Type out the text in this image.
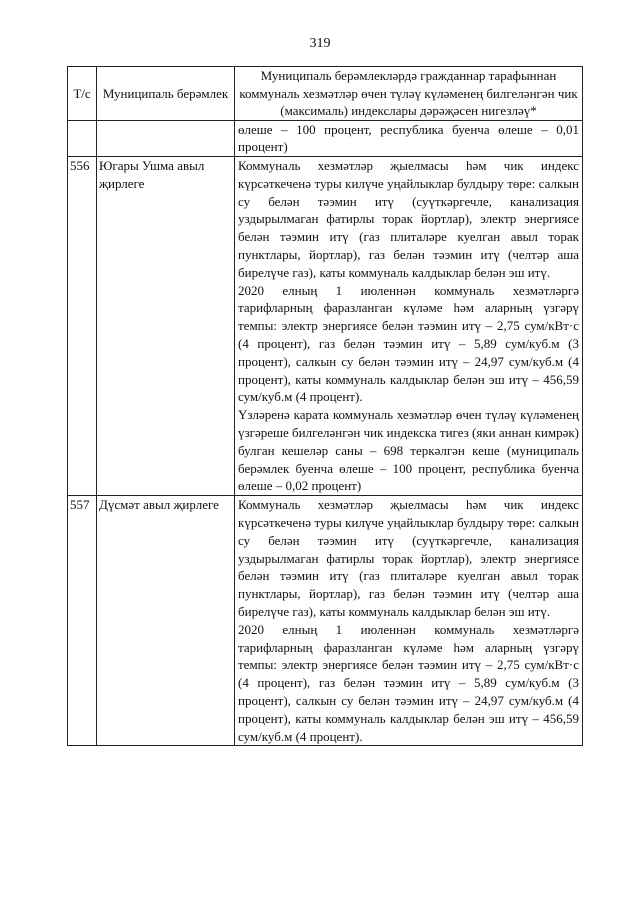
319
Т/с	Муниципаль берәмлек	Муниципаль берәмлекләрдә гражданнар тарафыннан коммуналь хезмәтләр өчен түләү күләменең билгеләнгән чик (максималь) индекслары дәрәҗәсен нигезләү*

		өлеше – 100 процент, республика буенча өлеше – 0,01 процент)

556	Югары Ушма авыл җирлеге	Коммуналь хезмәтләр җыелмасы һәм чик индекс күрсәткеченә туры килүче уңайлыклар булдыру төре: салкын су белән тәэмин итү (суүткәргечле, канализация уздырылмаган фатирлы торак йортлар), электр энергиясе белән тәэмин итү (газ плиталәре куелган авыл торак пунктлары, йортлар), газ белән тәэмин итү (челтәр аша бирелүче газ), каты коммуналь калдыклар белән эш итү.

2020 елның 1 июленнән коммуналь хезмәтләргә тарифларның фаразланган күләме һәм аларның үзгәрү темпы: электр энергиясе белән тәэмин итү – 2,75 сум/кВт·с (4 процент), газ белән тәэмин итү – 5,89 сум/куб.м (3 процент), салкын су белән тәэмин итү – 24,97 сум/куб.м (4 процент), каты коммуналь калдыклар белән эш итү – 456,59 сум/куб.м (4 процент).

Үзләренә карата коммуналь хезмәтләр өчен түләү күләменең үзгәреше билгеләнгән чик индекска тигез (яки аннан кимрәк) булган кешеләр саны – 698 теркәлгән кеше (муниципаль берәмлек буенча өлеше – 100 процент, республика буенча өлеше – 0,02 процент)

557	Дүсмәт авыл җирлеге	Коммуналь хезмәтләр җыелмасы һәм чик индекс күрсәткеченә туры килүче уңайлыклар булдыру төре: салкын су белән тәэмин итү (суүткәргечле, канализация уздырылмаган фатирлы торак йортлар), электр энергиясе белән тәэмин итү (газ плиталәре куелган авыл торак пунктлары, йортлар), газ белән тәэмин итү (челтәр аша бирелүче газ), каты коммуналь калдыклар белән эш итү.

2020 елның 1 июленнән коммуналь хезмәтләргә тарифларның фаразланган күләме һәм аларның үзгәрү темпы: электр энергиясе белән тәэмин итү – 2,75 сум/кВт·с (4 процент), газ белән тәэмин итү – 5,89 сум/куб.м (3 процент), салкын су белән тәэмин итү – 24,97 сум/куб.м (4 процент), каты коммуналь калдыклар белән эш итү – 456,59 сум/куб.м (4 процент).
